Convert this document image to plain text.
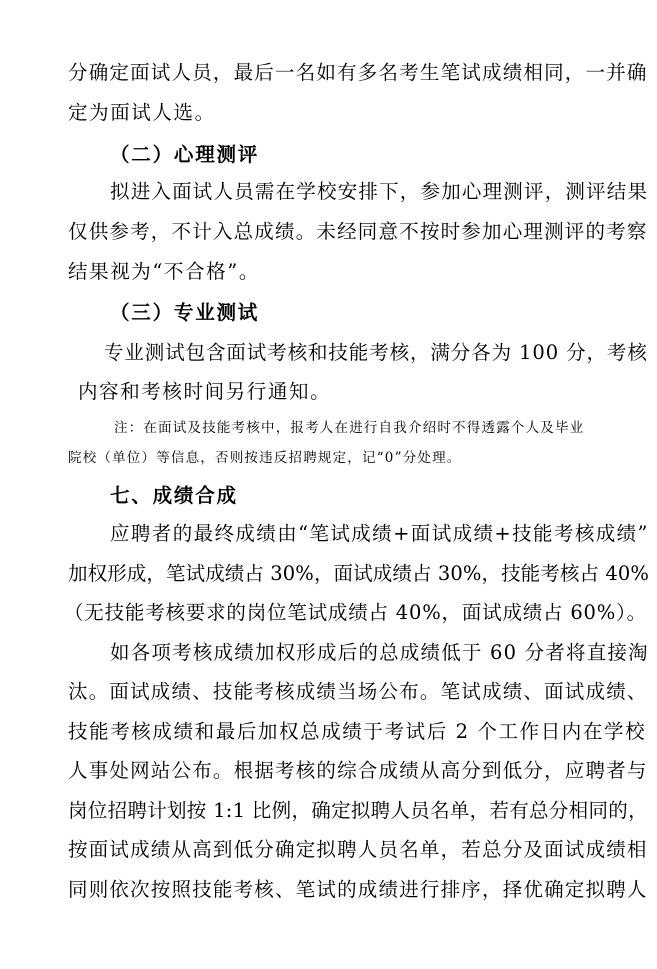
分确定面试人员，最后一名如有多名考生笔试成绩相同，一并确
定为面试人选。
（二）心理测评
拟进入面试人员需在学校安排下，参加心理测评，测评结果
仅供参考，不计入总成绩。未经同意不按时参加心理测评的考察
结果视为“不合格”。
（三）专业测试
专业测试包含面试考核和技能考核，满分各为 100 分，考核
内容和考核时间另行通知。
注：在面试及技能考核中，报考人在进行自我介绍时不得透露个人及毕业
院校（单位）等信息，否则按违反招聘规定，记“0”分处理。
七、成绩合成
应聘者的最终成绩由“笔试成绩+面试成绩+技能考核成绩”
加权形成，笔试成绩占 30%，面试成绩占 30%，技能考核占 40%
（无技能考核要求的岗位笔试成绩占 40%，面试成绩占 60%）。
如各项考核成绩加权形成后的总成绩低于 60 分者将直接淘
汰。面试成绩、技能考核成绩当场公布。笔试成绩、面试成绩、
技能考核成绩和最后加权总成绩于考试后 2 个工作日内在学校
人事处网站公布。根据考核的综合成绩从高分到低分，应聘者与
岗位招聘计划按 1:1 比例，确定拟聘人员名单，若有总分相同的，
按面试成绩从高到低分确定拟聘人员名单，若总分及面试成绩相
同则依次按照技能考核、笔试的成绩进行排序，择优确定拟聘人
